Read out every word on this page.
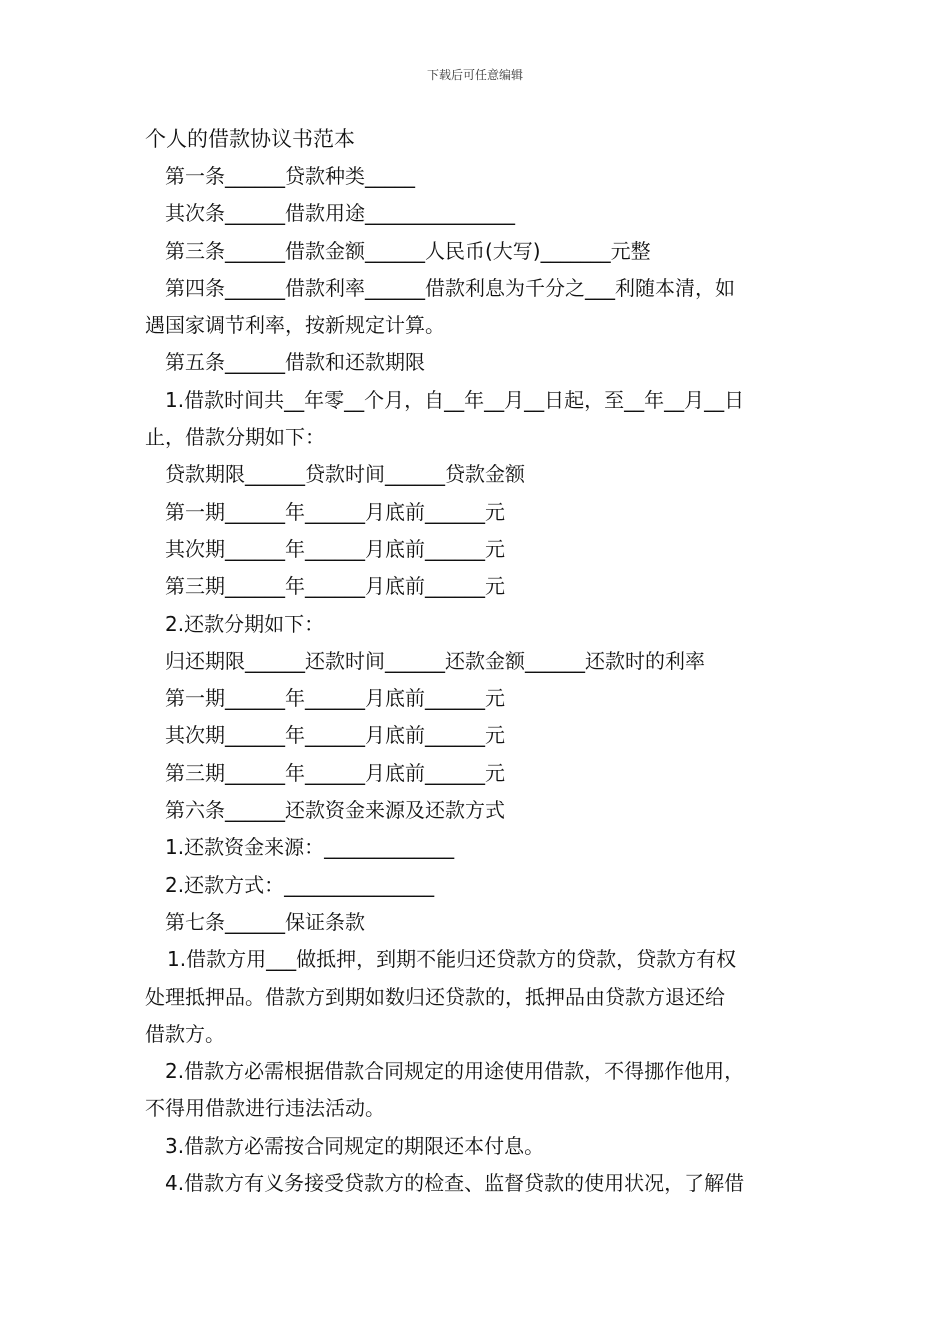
下载后可任意编辑
个人的借款协议书范本
第一条______贷款种类_____
其次条______借款用途_______________
第三条______借款金额______人民币(大写)_______元整
第四条______借款利率______借款利息为千分之___利随本清，如
遇国家调节利率，按新规定计算。
第五条______借款和还款期限
1.借款时间共__年零__个月，自__年__月__日起，至__年__月__日
止，借款分期如下：
贷款期限______贷款时间______贷款金额
第一期______年______月底前______元
其次期______年______月底前______元
第三期______年______月底前______元
2.还款分期如下：
归还期限______还款时间______还款金额______还款时的利率
第一期______年______月底前______元
其次期______年______月底前______元
第三期______年______月底前______元
第六条______还款资金来源及还款方式
1.还款资金来源：_____________
2.还款方式：_______________
第七条______保证条款
1.借款方用___做抵押，到期不能归还贷款方的贷款，贷款方有权
处理抵押品。借款方到期如数归还贷款的，抵押品由贷款方退还给
借款方。
2.借款方必需根据借款合同规定的用途使用借款，不得挪作他用，
不得用借款进行违法活动。
3.借款方必需按合同规定的期限还本付息。
4.借款方有义务接受贷款方的检查、监督贷款的使用状况，了解借
